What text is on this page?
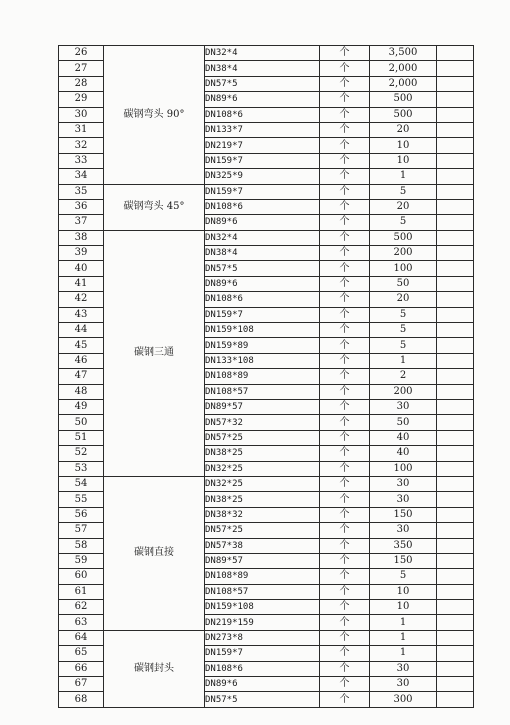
26	碳钢弯头 90°	DN32*4	个	3,500	
27		DN38*4	个	2,000	
28		DN57*5	个	2,000	
29		DN89*6	个	500	
30		DN108*6	个	500	
31		DN133*7	个	20	
32		DN219*7	个	10	
33		DN159*7	个	10	
34		DN325*9	个	1	
35	碳钢弯头 45°	DN159*7	个	5	
36		DN108*6	个	20	
37		DN89*6	个	5	
38	碳钢三通	DN32*4	个	500	
39		DN38*4	个	200	
40		DN57*5	个	100	
41		DN89*6	个	50	
42		DN108*6	个	20	
43		DN159*7	个	5	
44		DN159*108	个	5	
45		DN159*89	个	5	
46		DN133*108	个	1	
47		DN108*89	个	2	
48		DN108*57	个	200	
49		DN89*57	个	30	
50		DN57*32	个	50	
51		DN57*25	个	40	
52		DN38*25	个	40	
53		DN32*25	个	100	
54	碳钢直接	DN32*25	个	30	
55		DN38*25	个	30	
56		DN38*32	个	150	
57		DN57*25	个	30	
58		DN57*38	个	350	
59		DN89*57	个	150	
60		DN108*89	个	5	
61		DN108*57	个	10	
62		DN159*108	个	10	
63		DN219*159	个	1	
64	碳钢封头	DN273*8	个	1	
65		DN159*7	个	1	
66		DN108*6	个	30	
67		DN89*6	个	30	
68		DN57*5	个	300	
